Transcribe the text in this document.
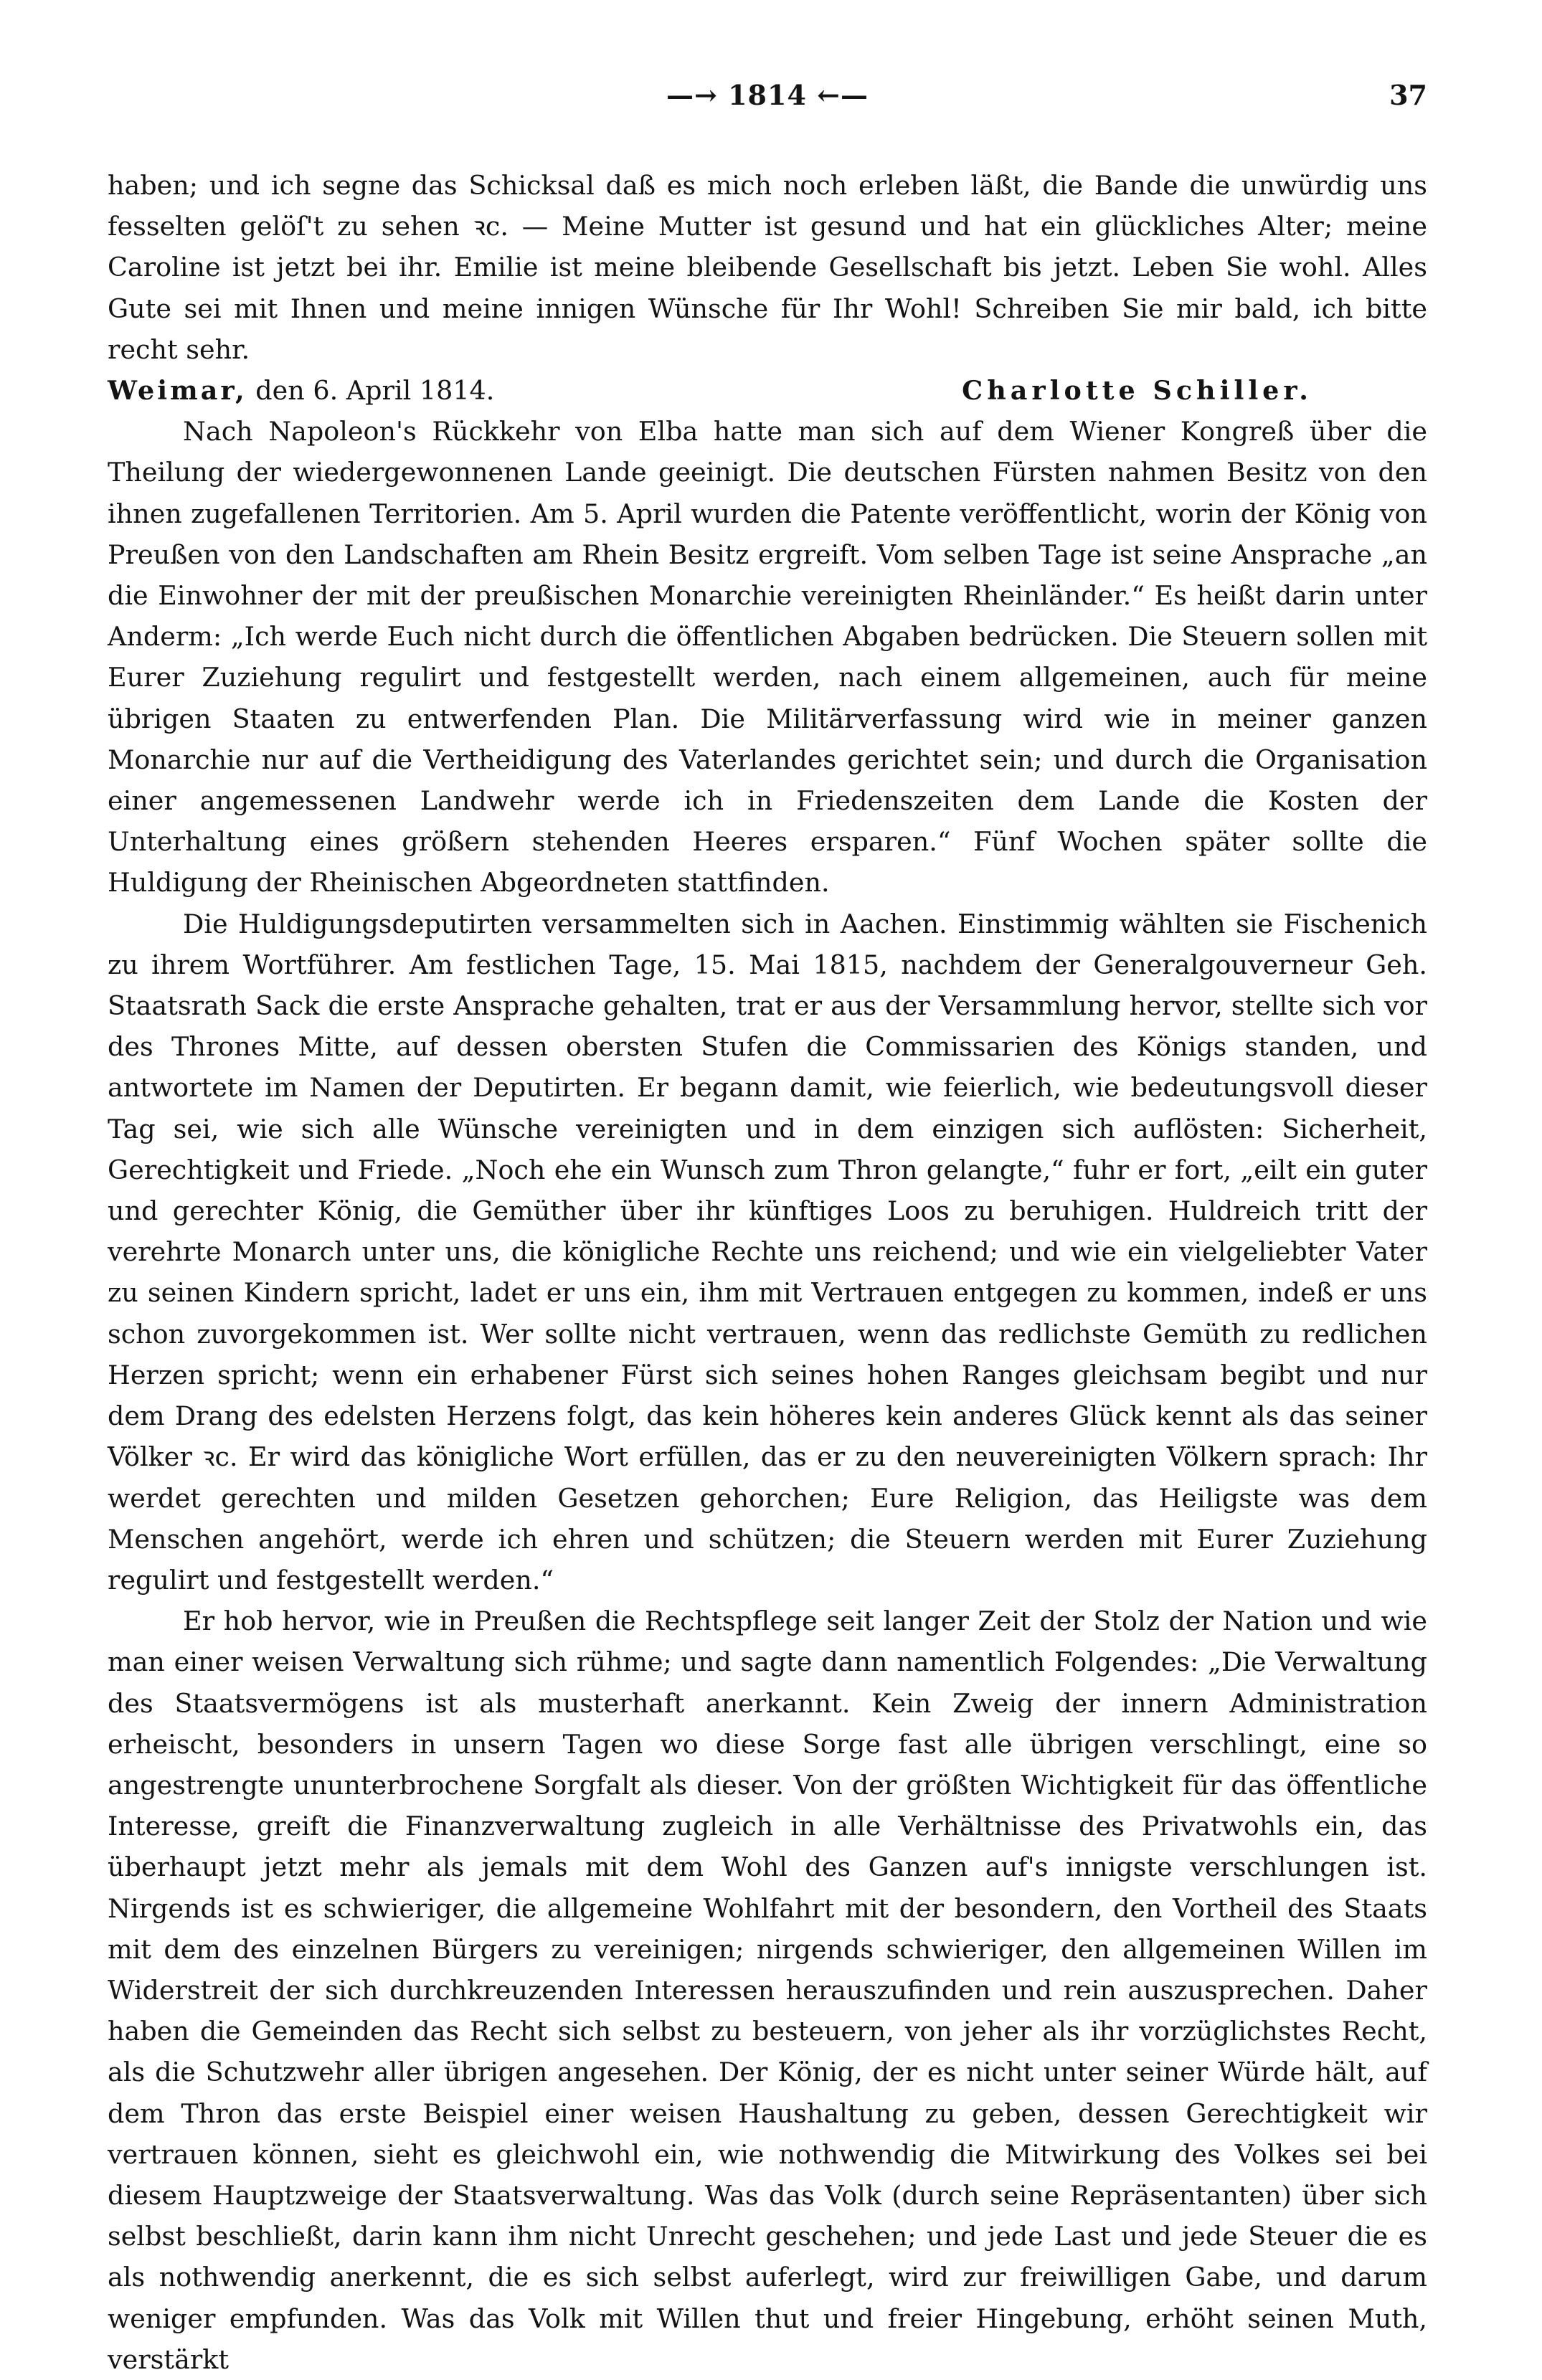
—→ 1814 ←—	37

haben; und ich segne das Schicksal daß es mich noch erleben läßt, die Bande die unwürdig uns fesselten gelöſ't zu sehen ꝛc. — Meine Mutter ist gesund und hat ein glückliches Alter; meine Caroline ist jetzt bei ihr. Emilie ist meine bleibende Gesellschaft bis jetzt. Leben Sie wohl. Alles Gute sei mit Ihnen und meine innigen Wünsche für Ihr Wohl! Schreiben Sie mir bald, ich bitte recht sehr.

Weimar, den 6. April 1814.	Charlotte Schiller.

Nach Napoleon's Rückkehr von Elba hatte man sich auf dem Wiener Kongreß über die Theilung der wiedergewonnenen Lande geeinigt. Die deutschen Fürsten nahmen Besitz von den ihnen zugefallenen Territorien. Am 5. April wurden die Patente veröffentlicht, worin der König von Preußen von den Landschaften am Rhein Besitz ergreift. Vom selben Tage ist seine Ansprache „an die Einwohner der mit der preußischen Monarchie vereinigten Rheinländer.“ Es heißt darin unter Anderm: „Ich werde Euch nicht durch die öffentlichen Abgaben bedrücken. Die Steuern sollen mit Eurer Zuziehung regulirt und festgestellt werden, nach einem allgemeinen, auch für meine übrigen Staaten zu entwerfenden Plan. Die Militärverfassung wird wie in meiner ganzen Monarchie nur auf die Vertheidigung des Vaterlandes gerichtet sein; und durch die Organisation einer angemessenen Landwehr werde ich in Friedenszeiten dem Lande die Kosten der Unterhaltung eines größern stehenden Heeres ersparen.“ Fünf Wochen später sollte die Huldigung der Rheinischen Abgeordneten stattfinden.

Die Huldigungsdeputirten versammelten sich in Aachen. Einstimmig wählten sie Fischenich zu ihrem Wortführer. Am festlichen Tage, 15. Mai 1815, nachdem der Generalgouverneur Geh. Staatsrath Sack die erste Ansprache gehalten, trat er aus der Versammlung hervor, stellte sich vor des Thrones Mitte, auf dessen obersten Stufen die Commissarien des Königs standen, und antwortete im Namen der Deputirten. Er begann damit, wie feierlich, wie bedeutungsvoll dieser Tag sei, wie sich alle Wünsche vereinigten und in dem einzigen sich auflösten: Sicherheit, Gerechtigkeit und Friede. „Noch ehe ein Wunsch zum Thron gelangte,“ fuhr er fort, „eilt ein guter und gerechter König, die Gemüther über ihr künftiges Loos zu beruhigen. Huldreich tritt der verehrte Monarch unter uns, die königliche Rechte uns reichend; und wie ein vielgeliebter Vater zu seinen Kindern spricht, ladet er uns ein, ihm mit Vertrauen entgegen zu kommen, indeß er uns schon zuvorgekommen ist. Wer sollte nicht vertrauen, wenn das redlichste Gemüth zu redlichen Herzen spricht; wenn ein erhabener Fürst sich seines hohen Ranges gleichsam begibt und nur dem Drang des edelsten Herzens folgt, das kein höheres kein anderes Glück kennt als das seiner Völker ꝛc. Er wird das königliche Wort erfüllen, das er zu den neuvereinigten Völkern sprach: Ihr werdet gerechten und milden Gesetzen gehorchen; Eure Religion, das Heiligste was dem Menschen angehört, werde ich ehren und schützen; die Steuern werden mit Eurer Zuziehung regulirt und festgestellt werden.“

Er hob hervor, wie in Preußen die Rechtspflege seit langer Zeit der Stolz der Nation und wie man einer weisen Verwaltung sich rühme; und sagte dann namentlich Folgendes: „Die Verwaltung des Staatsvermögens ist als musterhaft anerkannt. Kein Zweig der innern Administration erheischt, besonders in unsern Tagen wo diese Sorge fast alle übrigen verschlingt, eine so angestrengte ununterbrochene Sorgfalt als dieser. Von der größten Wichtigkeit für das öffentliche Interesse, greift die Finanzverwaltung zugleich in alle Verhältnisse des Privatwohls ein, das überhaupt jetzt mehr als jemals mit dem Wohl des Ganzen auf's innigste verschlungen ist. Nirgends ist es schwieriger, die allgemeine Wohlfahrt mit der besondern, den Vortheil des Staats mit dem des einzelnen Bürgers zu vereinigen; nirgends schwieriger, den allgemeinen Willen im Widerstreit der sich durchkreuzenden Interessen herauszufinden und rein auszusprechen. Daher haben die Gemeinden das Recht sich selbst zu besteuern, von jeher als ihr vorzüglichstes Recht, als die Schutzwehr aller übrigen angesehen. Der König, der es nicht unter seiner Würde hält, auf dem Thron das erste Beispiel einer weisen Haushaltung zu geben, dessen Gerechtigkeit wir vertrauen können, sieht es gleichwohl ein, wie nothwendig die Mitwirkung des Volkes sei bei diesem Hauptzweige der Staatsverwaltung. Was das Volk (durch seine Repräsentanten) über sich selbst beschließt, darin kann ihm nicht Unrecht geschehen; und jede Last und jede Steuer die es als nothwendig anerkennt, die es sich selbst auferlegt, wird zur freiwilligen Gabe, und darum weniger empfunden. Was das Volk mit Willen thut und freier Hingebung, erhöht seinen Muth, verstärkt
